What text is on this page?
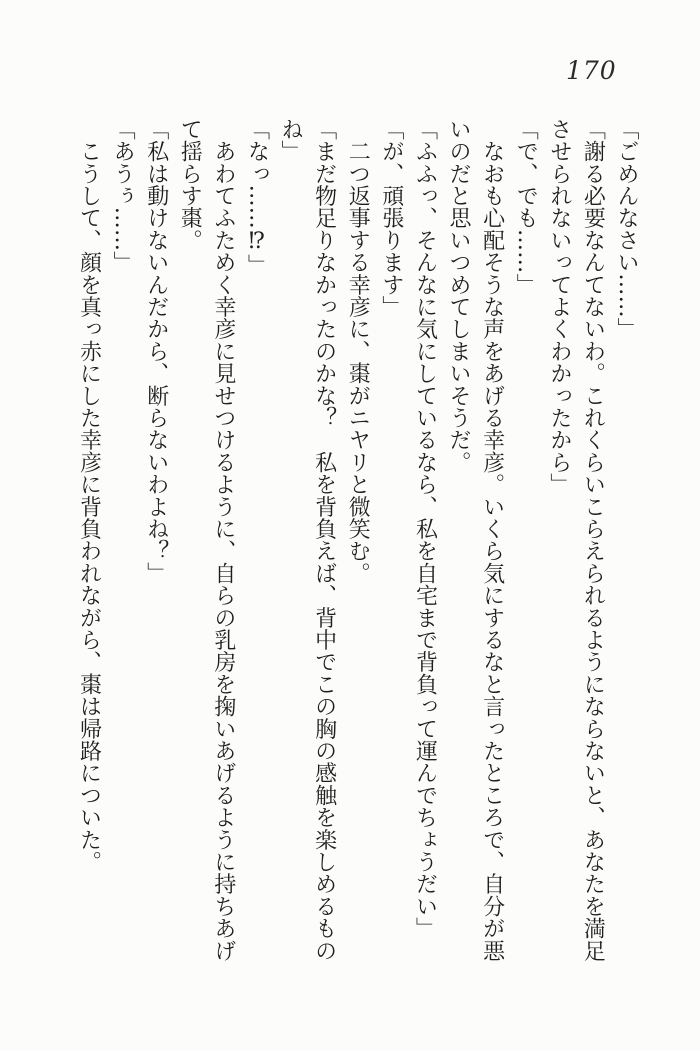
170

「ごめんなさい……」

「謝る必要なんてないわ。これくらいこらえられるようにならないと、あなたを満足

させられないってよくわかったから」

「で、でも……」

　なおも心配そうな声をあげる幸彦。いくら気にするなと言ったところで、自分が悪

いのだと思いつめてしまいそうだ。

「ふふっ、そんなに気にしているなら、私を自宅まで背負って運んでちょうだい」

「が、頑張ります」

　二つ返事する幸彦に、棗がニヤリと微笑む。

「まだ物足りなかったのかな？　私を背負えば、背中でこの胸の感触を楽しめるもの

ね」

「なっ……⁉」

　あわてふためく幸彦に見せつけるように、自らの乳房を掬いあげるように持ちあげ

て揺らす棗。

「私は動けないんだから、断らないわよね？」

「あうぅ……」

　こうして、顔を真っ赤にした幸彦に背負われながら、棗は帰路についた。
